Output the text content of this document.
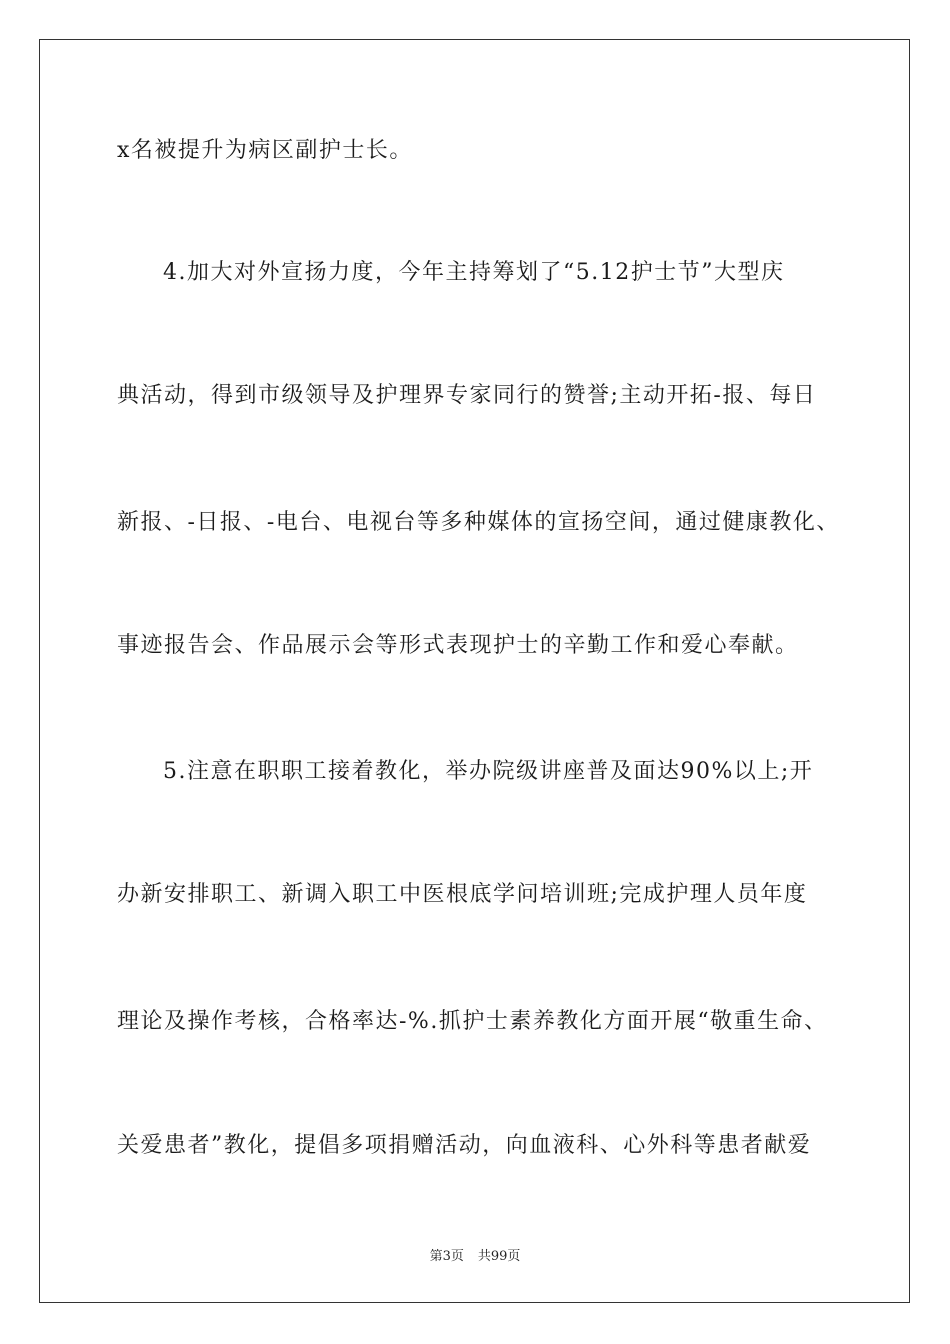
x名被提升为病区副护士长。
4.加大对外宣扬力度，今年主持筹划了“5.12护士节”大型庆
典活动，得到市级领导及护理界专家同行的赞誉;主动开拓-报、每日
新报、-日报、-电台、电视台等多种媒体的宣扬空间，通过健康教化、
事迹报告会、作品展示会等形式表现护士的辛勤工作和爱心奉献。
5.注意在职职工接着教化，举办院级讲座普及面达90%以上;开
办新安排职工、新调入职工中医根底学问培训班;完成护理人员年度
理论及操作考核，合格率达-%.抓护士素养教化方面开展“敬重生命、
关爱患者”教化，提倡多项捐赠活动，向血液科、心外科等患者献爱
第3页 共99页
